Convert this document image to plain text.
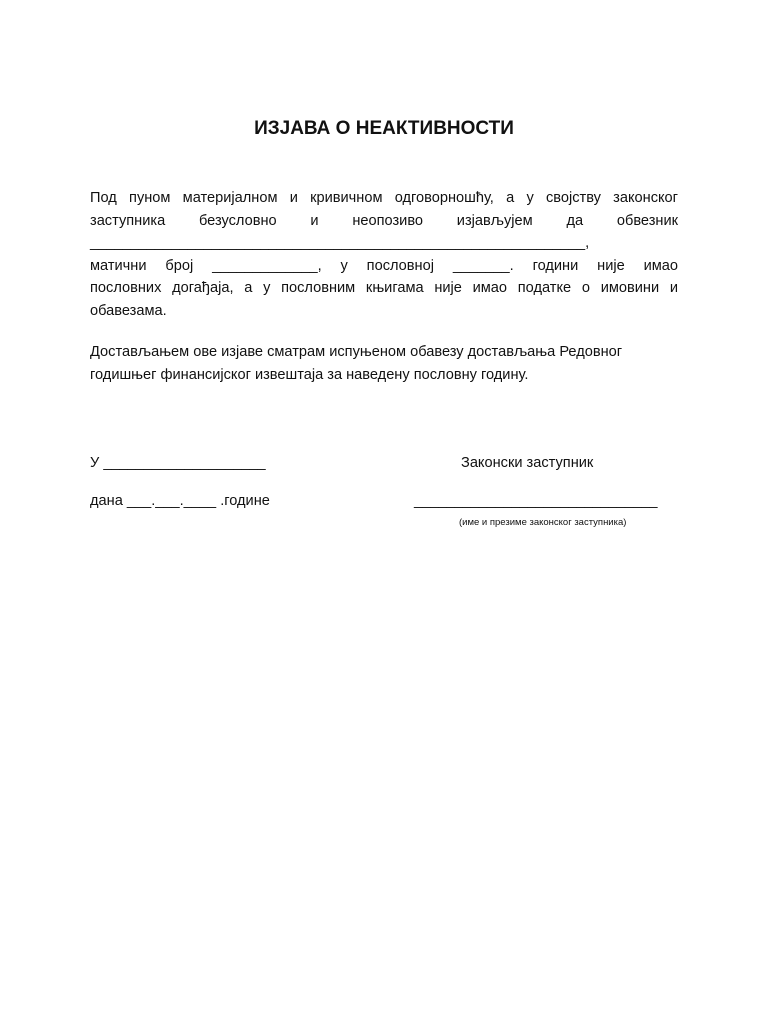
ИЗЈАВА О НЕАКТИВНОСТИ
Под пуном материјалном и кривичном одговорношћу, а у својству законског
заступника безусловно и неопозиво изјављујем да обвезник
_____________________________________________________________,
матични број _____________, у пословној _______. години није имао
пословних догађаја, а у пословним књигама није имао податке о имовини и
обавезама.
Достављањем ове изјаве сматрам испуњеном обавезу достављања Редовног
годишњег финансијског извештаја за наведену пословну годину.
У ____________________
дана ___.___.____ .године
Законски заступник
______________________________
(име и презиме законског заступника)
